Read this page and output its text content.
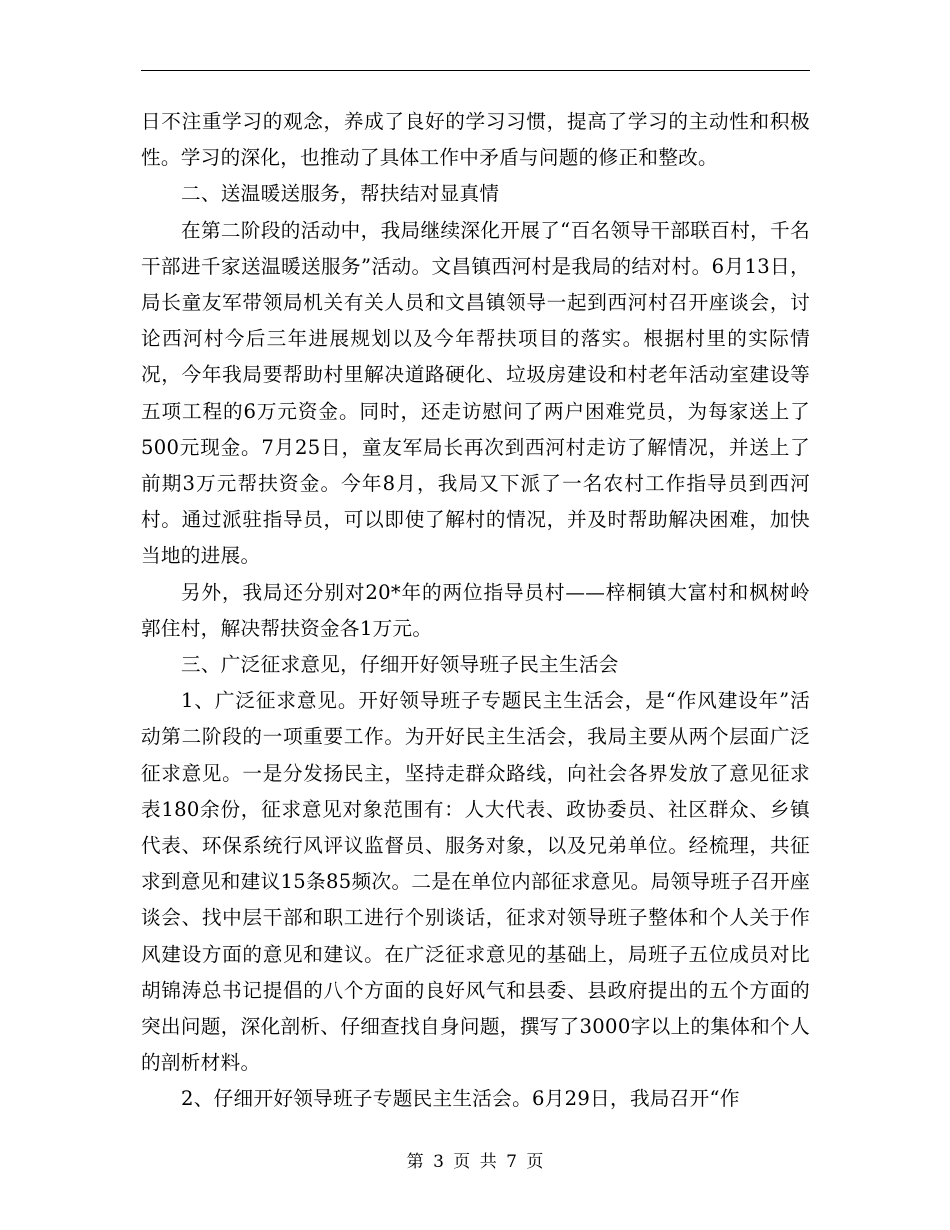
日不注重学习的观念，养成了良好的学习习惯，提高了学习的主动性和积极性。学习的深化，也推动了具体工作中矛盾与问题的修正和整改。

二、送温暖送服务，帮扶结对显真情

在第二阶段的活动中，我局继续深化开展了“百名领导干部联百村，千名干部进千家送温暖送服务”活动。文昌镇西河村是我局的结对村。6月13日，局长童友军带领局机关有关人员和文昌镇领导一起到西河村召开座谈会，讨论西河村今后三年进展规划以及今年帮扶项目的落实。根据村里的实际情况，今年我局要帮助村里解决道路硬化、垃圾房建设和村老年活动室建设等五项工程的6万元资金。同时，还走访慰问了两户困难党员，为每家送上了500元现金。7月25日，童友军局长再次到西河村走访了解情况，并送上了前期3万元帮扶资金。今年8月，我局又下派了一名农村工作指导员到西河村。通过派驻指导员，可以即使了解村的情况，并及时帮助解决困难，加快当地的进展。

另外，我局还分别对20*年的两位指导员村——梓桐镇大富村和枫树岭郭住村，解决帮扶资金各1万元。

三、广泛征求意见，仔细开好领导班子民主生活会

1、广泛征求意见。开好领导班子专题民主生活会，是“作风建设年”活动第二阶段的一项重要工作。为开好民主生活会，我局主要从两个层面广泛征求意见。一是分发扬民主，坚持走群众路线，向社会各界发放了意见征求表180余份，征求意见对象范围有：人大代表、政协委员、社区群众、乡镇代表、环保系统行风评议监督员、服务对象，以及兄弟单位。经梳理，共征求到意见和建议15条85频次。二是在单位内部征求意见。局领导班子召开座谈会、找中层干部和职工进行个别谈话，征求对领导班子整体和个人关于作风建设方面的意见和建议。在广泛征求意见的基础上，局班子五位成员对比胡锦涛总书记提倡的八个方面的良好风气和县委、县政府提出的五个方面的突出问题，深化剖析、仔细查找自身问题，撰写了3000字以上的集体和个人的剖析材料。

2、仔细开好领导班子专题民主生活会。6月29日，我局召开“作

第 3 页 共 7 页
